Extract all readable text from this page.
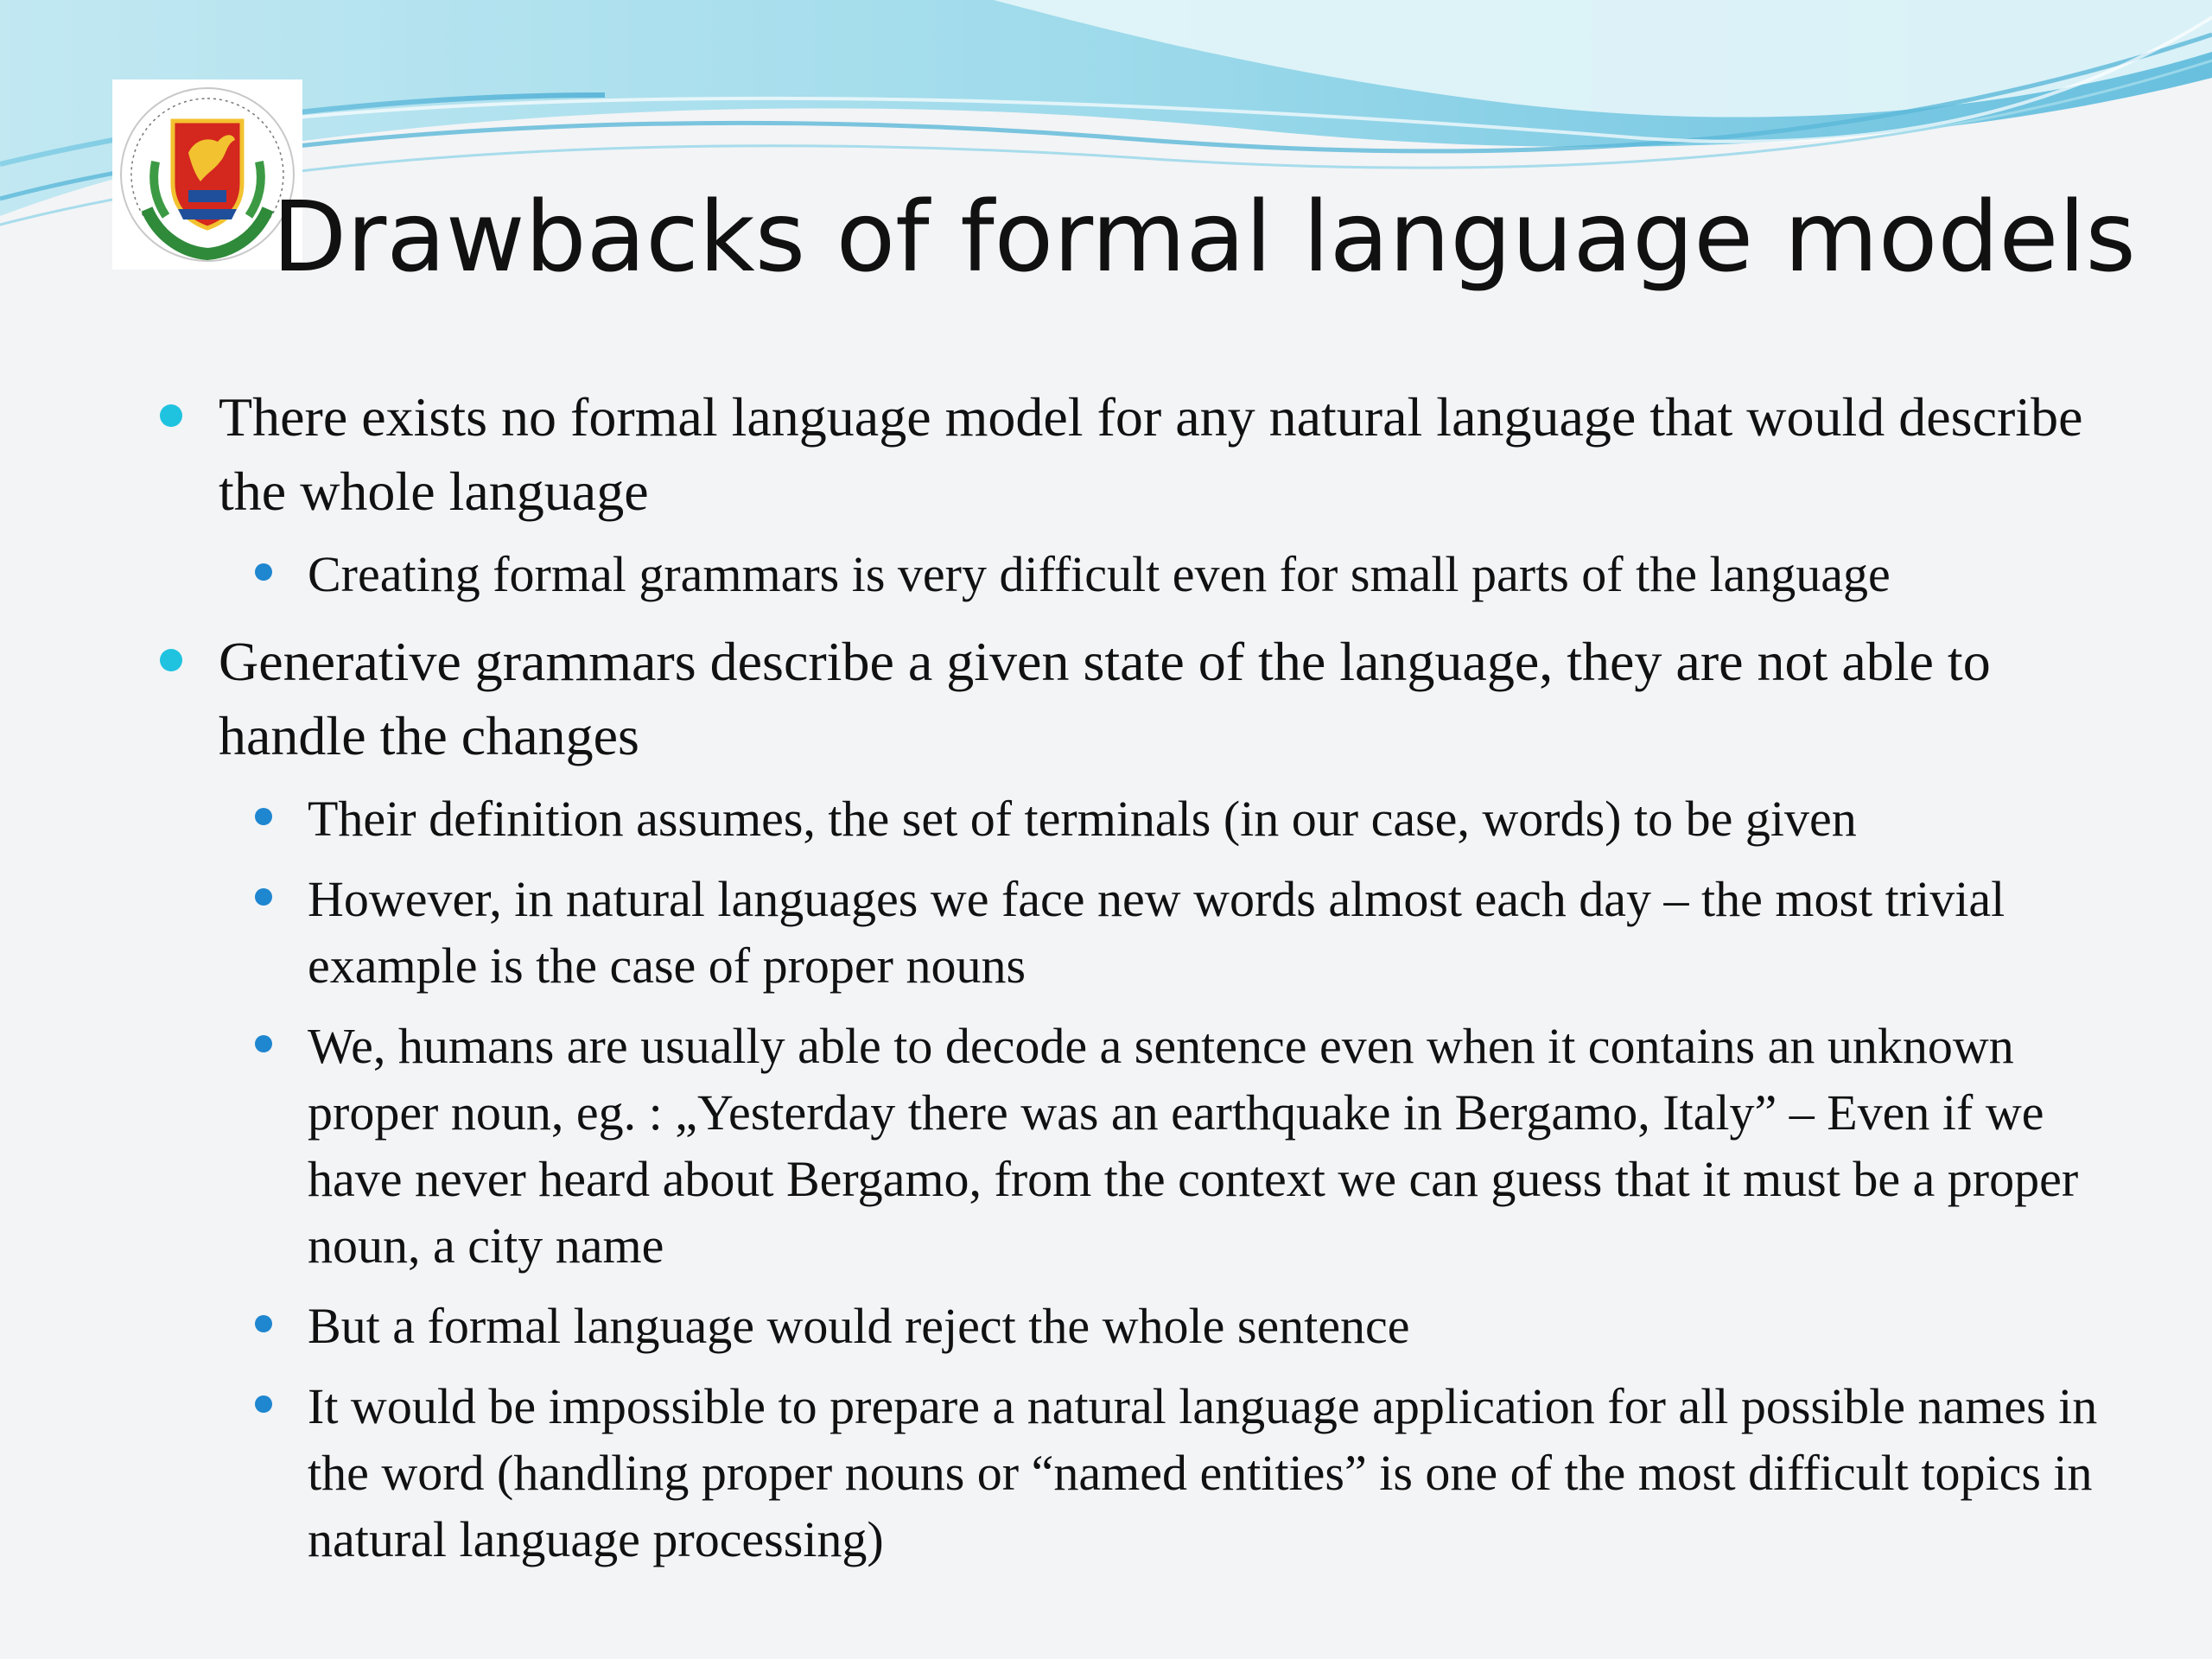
Drawbacks of formal language models
There exists no formal language model for any natural language that would describe the whole language
Creating formal grammars is very difficult even for small parts of the language
Generative grammars describe a given state of the language, they are not able to handle the changes
Their definition assumes, the set of terminals (in our case, words) to be given
However, in natural languages we face new words almost each day – the most trivial example is the case of proper nouns
We, humans are usually able to decode a sentence even when it contains an unknown proper noun, eg. : „Yesterday there was an earthquake in Bergamo, Italy” – Even if we have never heard about Bergamo, from the context we can guess that it must be a proper noun, a city name
But a formal language would reject the whole sentence
It would be impossible to prepare a natural language application for all possible names in the word (handling proper nouns or “named entities” is one of the most difficult topics in natural language processing)
